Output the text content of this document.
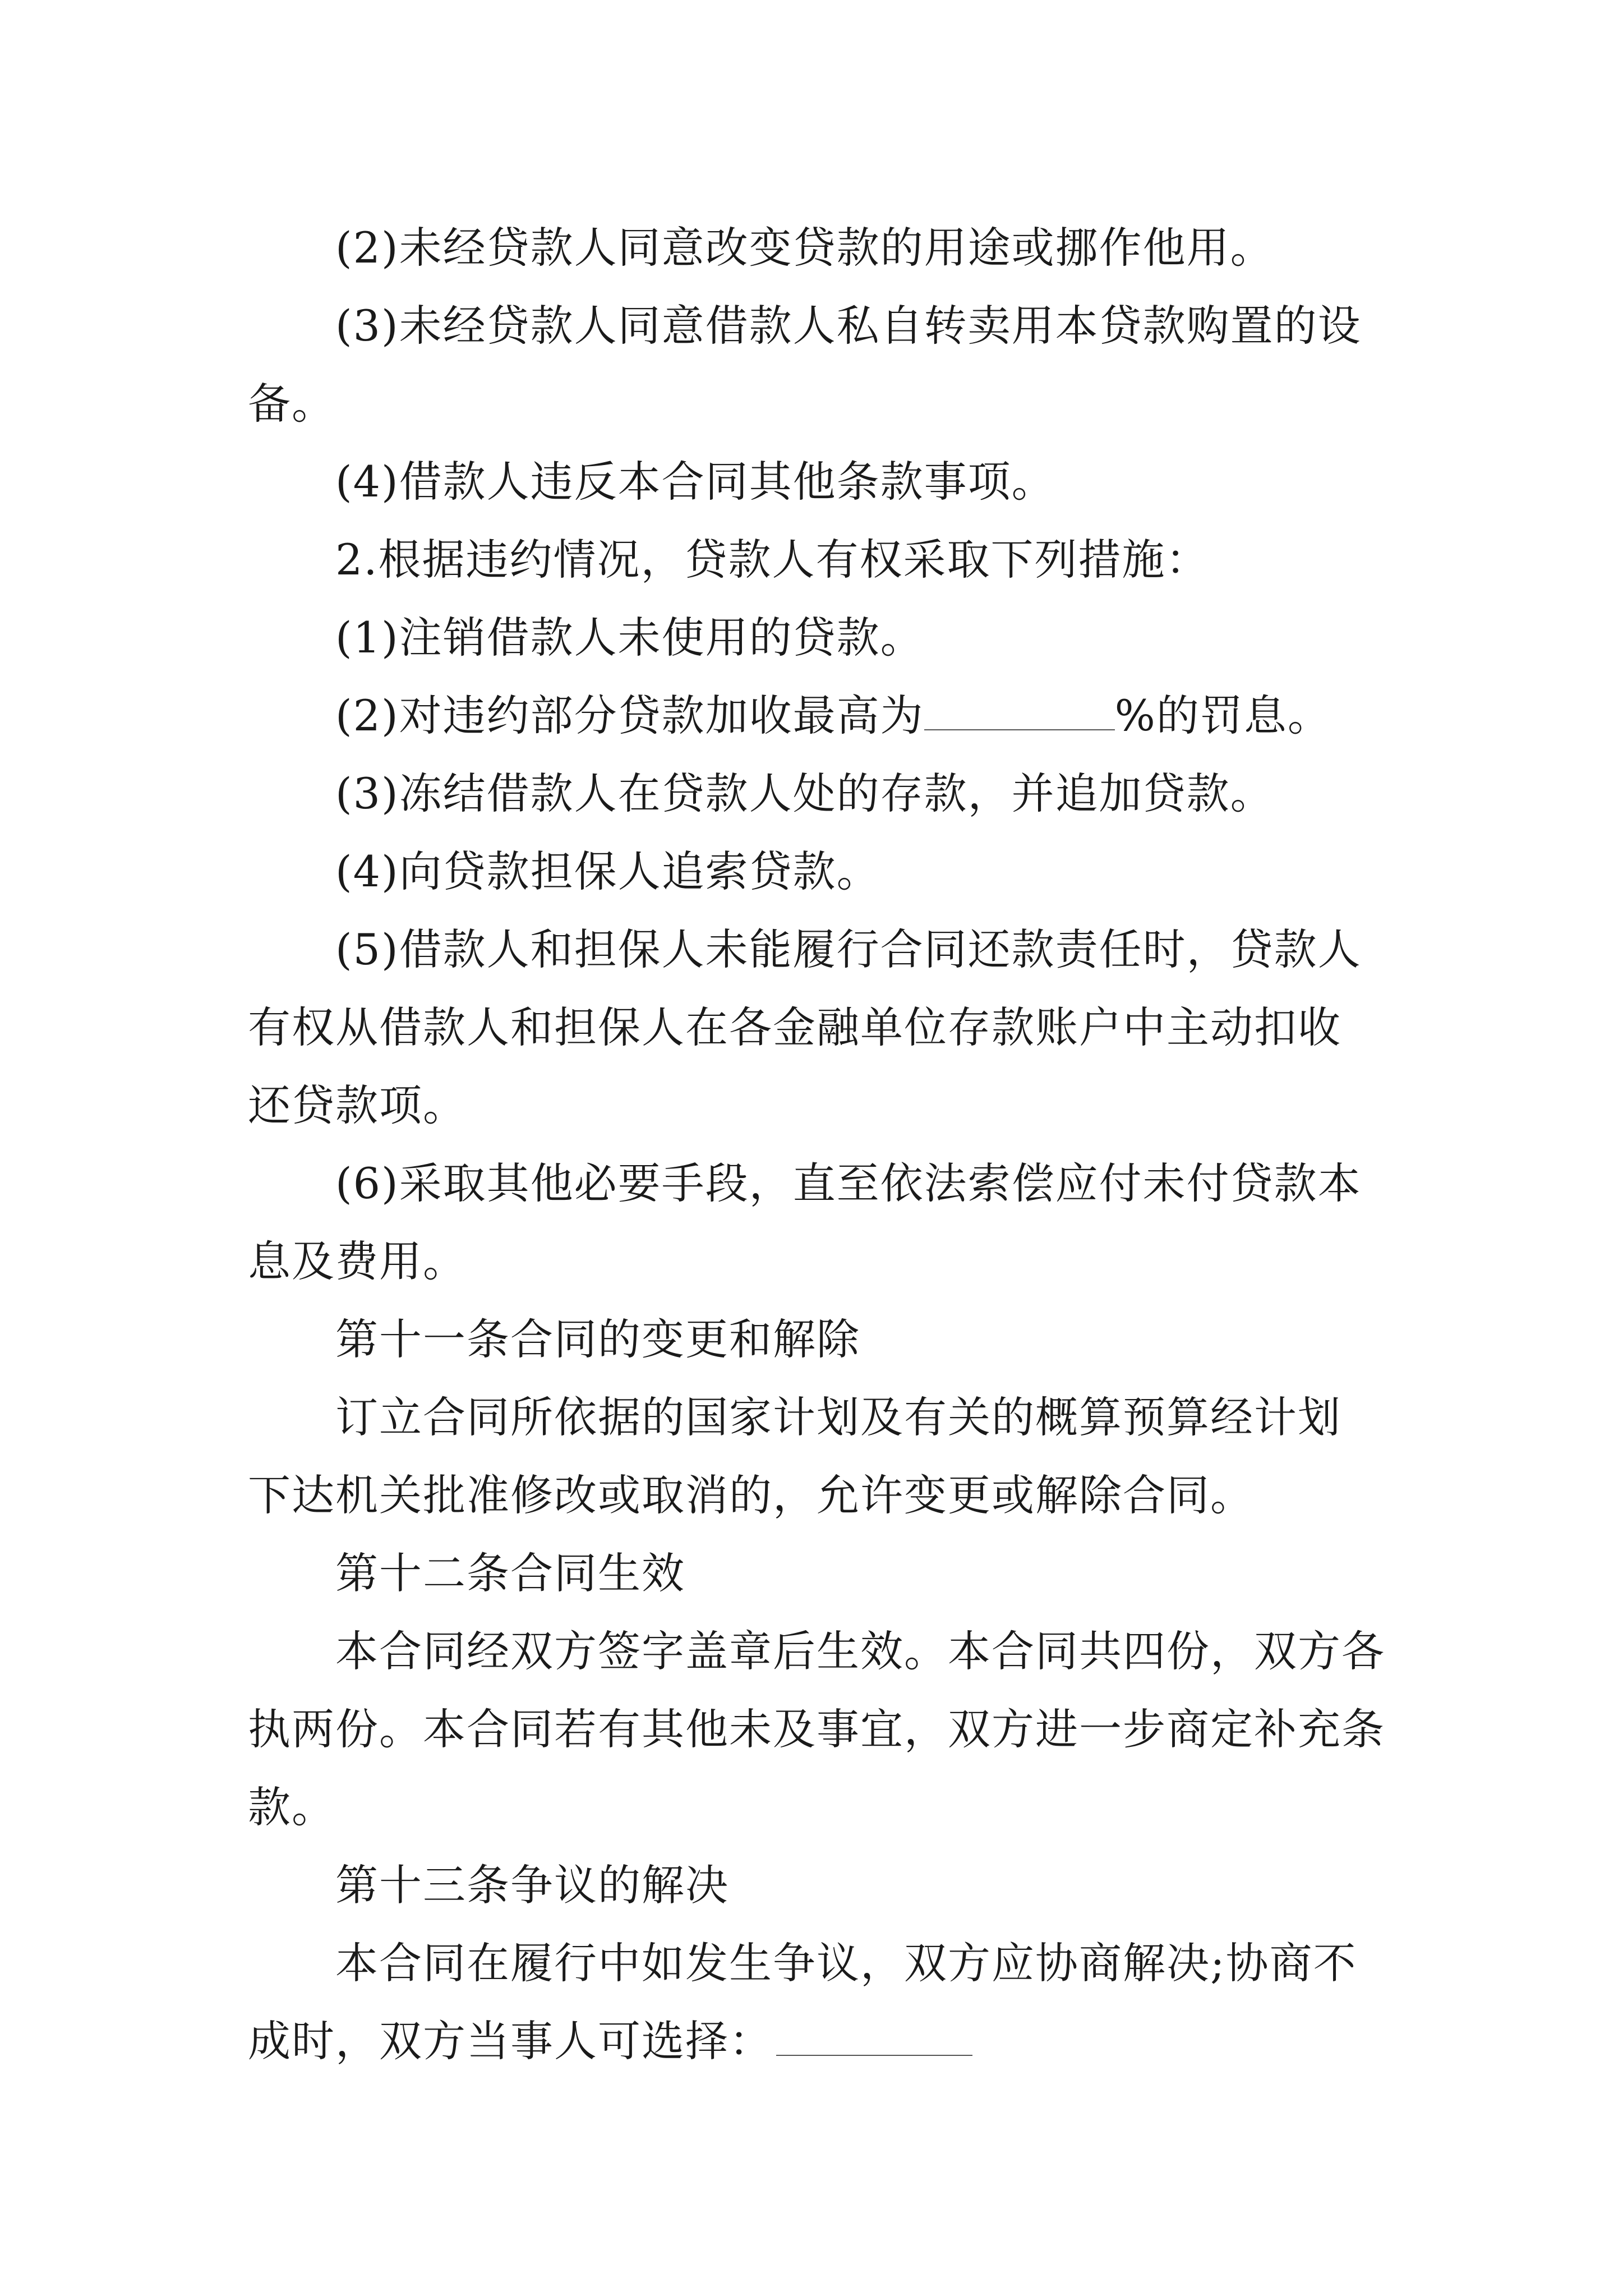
(2)未经贷款人同意改变贷款的用途或挪作他用。
(3)未经贷款人同意借款人私自转卖用本贷款购置的设
备。
(4)借款人违反本合同其他条款事项。
2.根据违约情况，贷款人有权采取下列措施：
(1)注销借款人未使用的贷款。
(2)对违约部分贷款加收最高为	%的罚息。
(3)冻结借款人在贷款人处的存款，并追加贷款。
(4)向贷款担保人追索贷款。
(5)借款人和担保人未能履行合同还款责任时，贷款人
有权从借款人和担保人在各金融单位存款账户中主动扣收
还贷款项。
(6)采取其他必要手段，直至依法索偿应付未付贷款本
息及费用。
第十一条合同的变更和解除
订立合同所依据的国家计划及有关的概算预算经计划
下达机关批准修改或取消的，允许变更或解除合同。
第十二条合同生效
本合同经双方签字盖章后生效。本合同共四份，双方各
执两份。本合同若有其他未及事宜，双方进一步商定补充条
款。
第十三条争议的解决
本合同在履行中如发生争议，双方应协商解决;协商不
成时，双方当事人可选择：
